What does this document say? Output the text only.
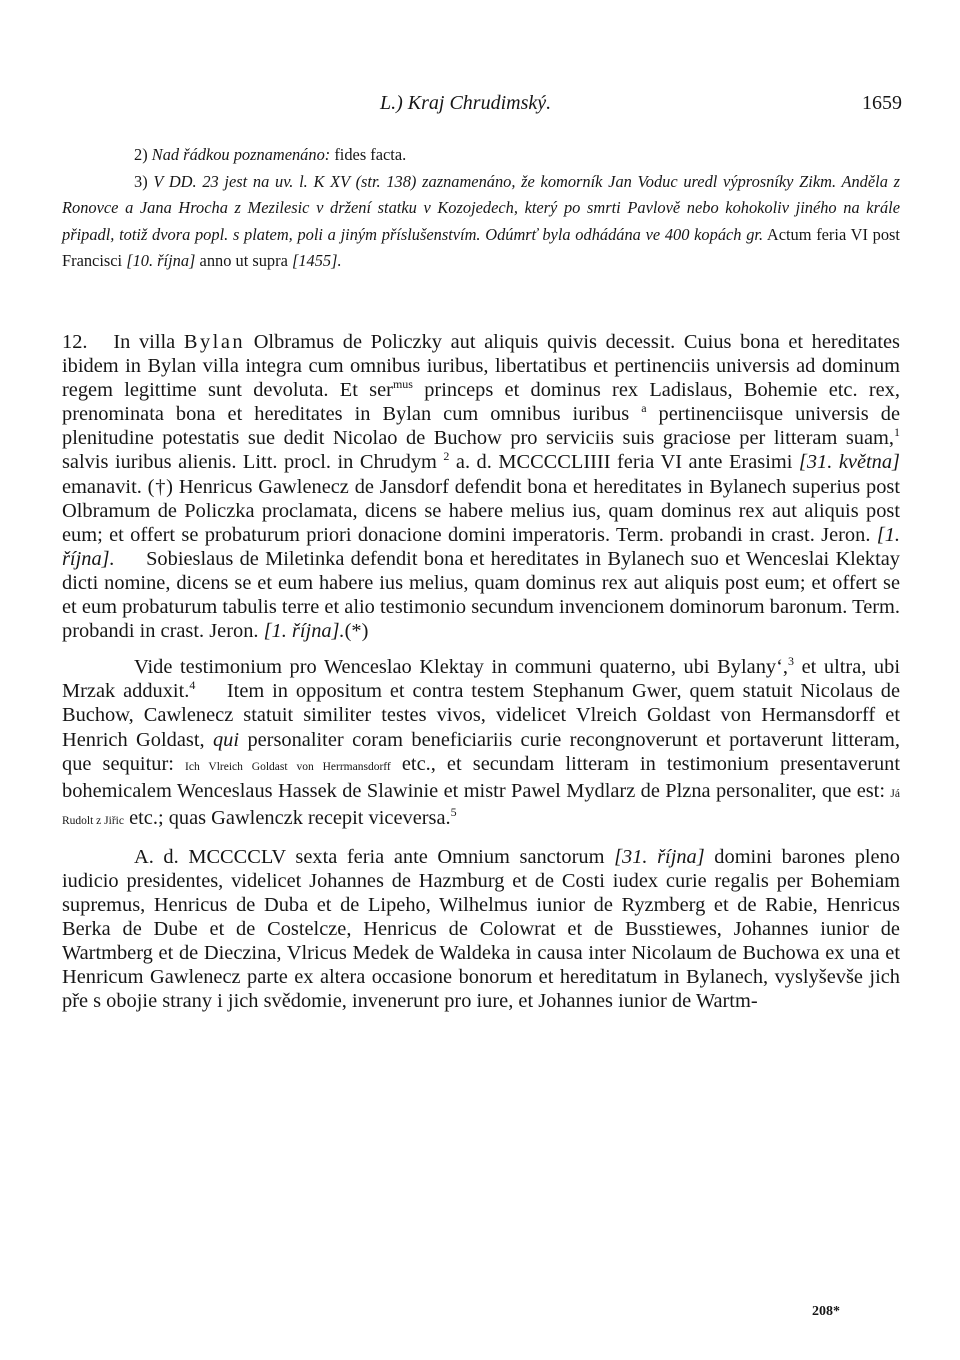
L.) Kraj Chrudimský.	1659
2) Nad řádkou poznamenáno: fides facta.
3) V DD. 23 jest na uv. l. K XV (str. 138) zaznamenáno, že komorník Jan Voduc uredl výprosníky Zikm. Anděla z Ronovce a Jana Hrocha z Mezilesic v držení statku v Kozojedech, který po smrti Pavlově nebo kohokoliv jiného na krále připadl, totiž dvora popl. s platem, poli a jiným příslušenstvím. Odúmrť byla odhádána ve 400 kopách gr. Actum feria VI post Francisci [10. října] anno ut supra [1455].

12. In villa Bylan Olbramus de Policzky aut aliquis quivis decessit. Cuius bona et hereditates ibidem in Bylan villa integra cum omnibus iuribus, libertatibus et pertinenciis universis ad dominum regem legittime sunt devoluta. Et ser$^{mus}$ princeps et dominus rex Ladislaus, Bohemie etc. rex, prenominata bona et hereditates in Bylan cum omnibus iuribus $^a$ pertinenciisque universis de plenitudine potestatis sue dedit Nicolao de Buchow pro serviciis suis graciose per litteram suam,$^1$ salvis iuribus alienis. Litt. procl. in Chrudym $^2$ a. d. MCCCCLIIII feria VI ante Erasimi [31. května] emanavit. (†) Henricus Gawlenecz de Jansdorf defendit bona et hereditates in Bylanech superius post Olbramum de Policzka proclamata, dicens se habere melius ius, quam dominus rex aut aliquis post eum; et offert se probaturum priori donacione domini imperatoris. Term. probandi in crast. Jeron. [1. října]. Sobieslaus de Miletinka defendit bona et hereditates in Bylanech suo et Wenceslai Klektay dicti nomine, dicens se et eum habere ius melius, quam dominus rex aut aliquis post eum; et offert se et eum probaturum tabulis terre et alio testimonio secundum invencionem dominorum baronum. Term. probandi in crast. Jeron. [1. října].(*)

Vide testimonium pro Wenceslao Klektay in communi quaterno, ubi Bylany‘,$^3$ et ultra, ubi Mrzak adduxit.$^4$ Item in oppositum et contra testem Stephanum Gwer, quem statuit Nicolaus de Buchow, Cawlenecz statuit similiter testes vivos, videlicet Vlreich Goldast von Hermansdorff et Henrich Goldast, qui personaliter coram beneficiariis curie recongnoverunt et portaverunt litteram, que sequitur: Ich Vlreich Goldast von Herrmansdorff etc., et secundam litteram in testimonium presentaverunt bohemicalem Wenceslaus Hassek de Slawinie et mistr Pawel Mydlarz de Plzna personaliter, que est: Já Rudolt z Jiřic etc.; quas Gawlenczk recepit viceversa.$^5$

A. d. MCCCCLV sexta feria ante Omnium sanctorum [31. října] domini barones pleno iudicio presidentes, videlicet Johannes de Hazmburg et de Costi iudex curie regalis per Bohemiam supremus, Henricus de Duba et de Lipeho, Wilhelmus iunior de Ryzmberg et de Rabie, Henricus Berka de Dube et de Costelcze, Henricus de Colowrat et de Busstiewes, Johannes iunior de Wartmberg et de Dieczina, Vlricus Medek de Waldeka in causa inter Nicolaum de Buchowa ex una et Henricum Gawlenecz parte ex altera occasione bonorum et hereditatum in Bylanech, vyslyševše jich pře s obojie strany i jich svědomie, invenerunt pro iure, et Johannes iunior de Wartm-

208*
